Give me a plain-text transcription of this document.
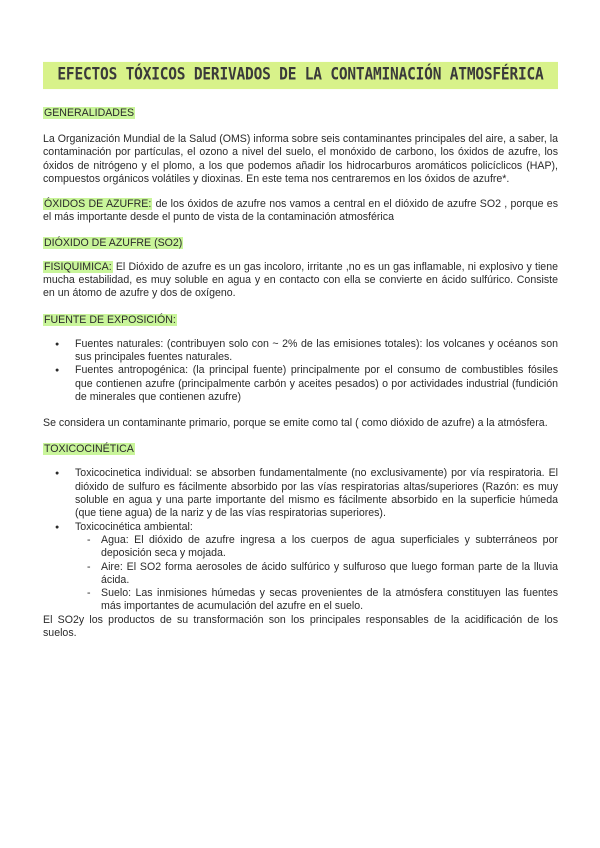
EFECTOS TÓXICOS DERIVADOS DE LA CONTAMINACIÓN ATMOSFÉRICA
GENERALIDADES

La Organización Mundial de la Salud (OMS) informa sobre seis contaminantes principales del aire, a saber, la contaminación por partículas, el ozono a nivel del suelo, el monóxido de carbono, los óxidos de azufre, los óxidos de nitrógeno y el plomo, a los que podemos añadir los hidrocarburos aromáticos policíclicos (HAP), compuestos orgánicos volátiles y dioxinas. En este tema nos centraremos en los óxidos de azufre*.

ÓXIDOS DE AZUFRE: de los óxidos de azufre nos vamos a central en el dióxido de azufre SO2 , porque es el más importante desde el punto de vista de la contaminación atmosférica

DIÓXIDO DE AZUFRE (SO2)

FISIQUIMICA: El Dióxido de azufre es un gas incoloro, irritante ,no es un gas inflamable, ni explosivo y tiene mucha estabilidad, es muy soluble en agua y en contacto con ella se convierte en ácido sulfúrico. Consiste en un átomo de azufre y dos de oxígeno.

FUENTE DE EXPOSICIÓN:
● Fuentes naturales: (contribuyen solo con ~ 2% de las emisiones totales): los volcanes y océanos son sus principales fuentes naturales.
● Fuentes antropogénica: (la principal fuente) principalmente por el consumo de combustibles fósiles que contienen azufre (principalmente carbón y aceites pesados) o por actividades industrial (fundición de minerales que contienen azufre)

Se considera un contaminante primario, porque se emite como tal ( como dióxido de azufre) a la atmósfera.

TOXICOCINÉTICA
● Toxicocinetica individual: se absorben fundamentalmente (no exclusivamente) por vía respiratoria. El dióxido de sulfuro es fácilmente absorbido por las vías respiratorias altas/superiores (Razón: es muy soluble en agua y una parte importante del mismo es fácilmente absorbido en la superficie húmeda (que tiene agua) de la nariz y de las vías respiratorias superiores).
● Toxicocinética ambiental:
- Agua: El dióxido de azufre ingresa a los cuerpos de agua superficiales y subterráneos por deposición seca y mojada.
- Aire: El SO2 forma aerosoles de ácido sulfúrico y sulfuroso que luego forman parte de la lluvia ácida.
- Suelo: Las inmisiones húmedas y secas provenientes de la atmósfera constituyen las fuentes más importantes de acumulación del azufre en el suelo.

El SO2y los productos de su transformación son los principales responsables de la acidificación de los suelos.
